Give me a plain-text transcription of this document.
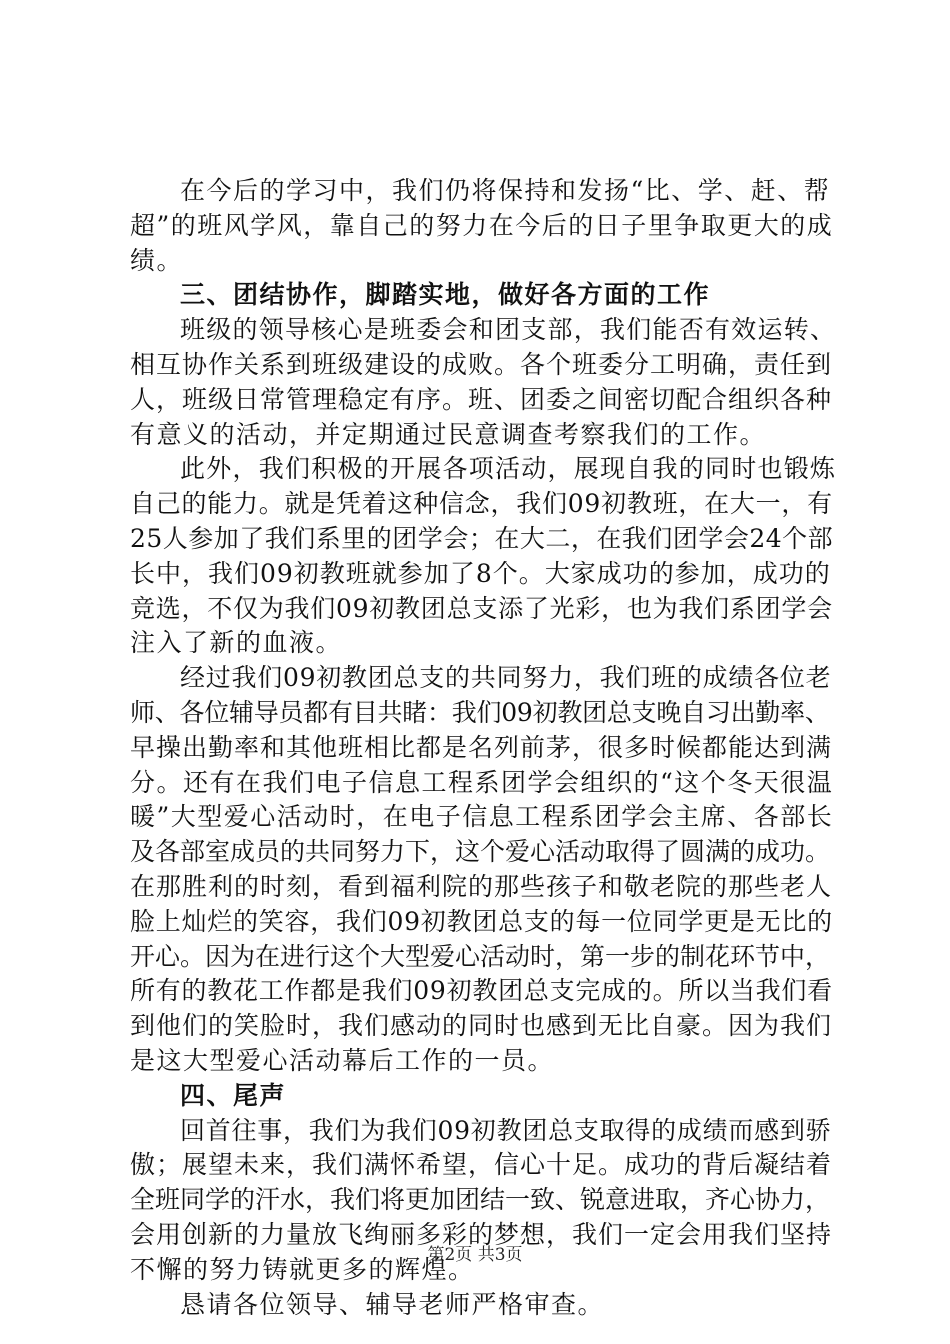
在今后的学习中，我们仍将保持和发扬“比、学、赶、帮
超”的班风学风，靠自己的努力在今后的日子里争取更大的成
绩。
三、团结协作，脚踏实地，做好各方面的工作
班级的领导核心是班委会和团支部，我们能否有效运转、
相互协作关系到班级建设的成败。各个班委分工明确，责任到
人，班级日常管理稳定有序。班、团委之间密切配合组织各种
有意义的活动，并定期通过民意调查考察我们的工作。
此外，我们积极的开展各项活动，展现自我的同时也锻炼
自己的能力。就是凭着这种信念，我们09初教班，在大一，有
25人参加了我们系里的团学会；在大二，在我们团学会24个部
长中，我们09初教班就参加了8个。大家成功的参加，成功的
竞选，不仅为我们09初教团总支添了光彩，也为我们系团学会
注入了新的血液。
经过我们09初教团总支的共同努力，我们班的成绩各位老
师、各位辅导员都有目共睹：我们09初教团总支晚自习出勤率、
早操出勤率和其他班相比都是名列前茅，很多时候都能达到满
分。还有在我们电子信息工程系团学会组织的“这个冬天很温
暖”大型爱心活动时，在电子信息工程系团学会主席、各部长
及各部室成员的共同努力下，这个爱心活动取得了圆满的成功。
在那胜利的时刻，看到福利院的那些孩子和敬老院的那些老人
脸上灿烂的笑容，我们09初教团总支的每一位同学更是无比的
开心。因为在进行这个大型爱心活动时，第一步的制花环节中，
所有的教花工作都是我们09初教团总支完成的。所以当我们看
到他们的笑脸时，我们感动的同时也感到无比自豪。因为我们
是这大型爱心活动幕后工作的一员。
四、尾声
回首往事，我们为我们09初教团总支取得的成绩而感到骄
傲；展望未来，我们满怀希望，信心十足。成功的背后凝结着
全班同学的汗水，我们将更加团结一致、锐意进取，齐心协力，
会用创新的力量放飞绚丽多彩的梦想，我们一定会用我们坚持
不懈的努力铸就更多的辉煌。
恳请各位领导、辅导老师严格审查。
第2页 共3页
